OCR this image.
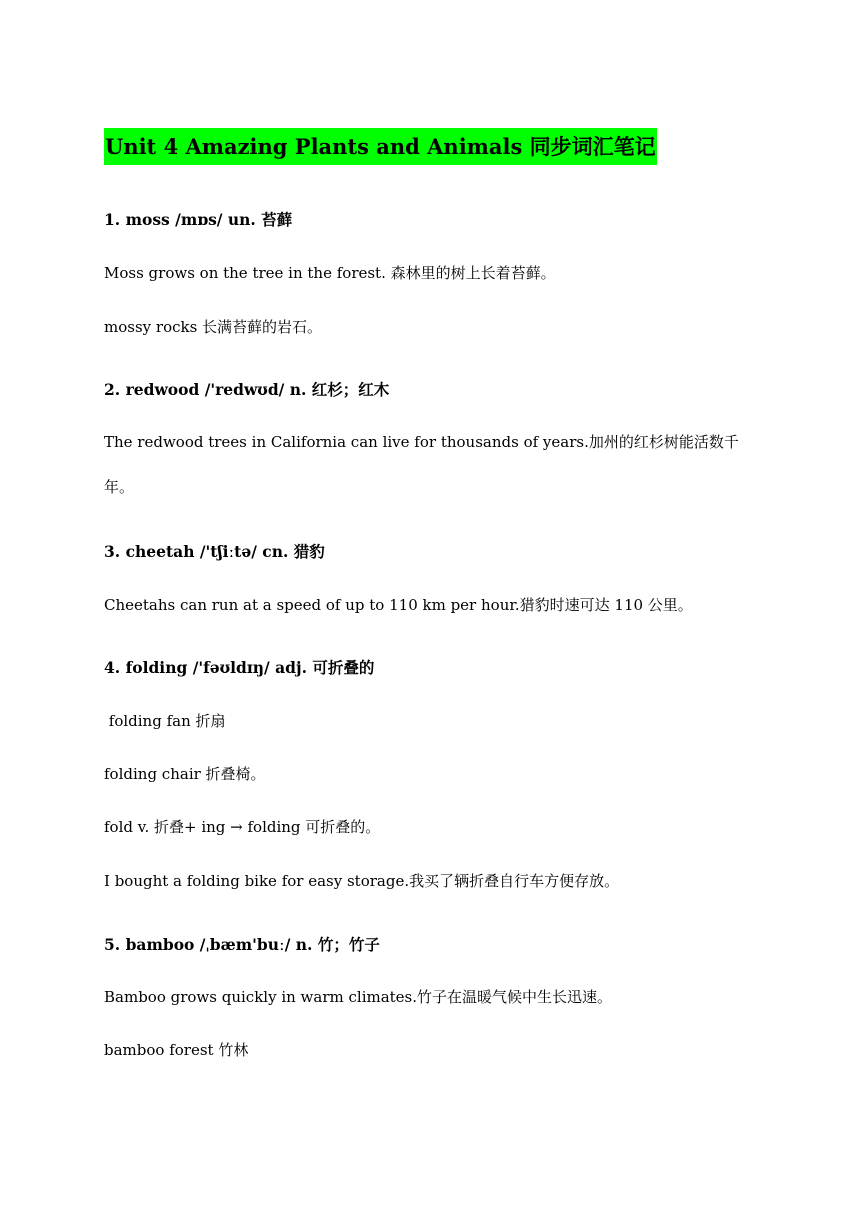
Unit 4 Amazing Plants and Animals 同步词汇笔记
1. moss /mɒs/ un. 苔藓
Moss grows on the tree in the forest. 森林里的树上长着苔藓。
mossy rocks 长满苔藓的岩石。
2. redwood /'redwʊd/ n. 红杉；红木
The redwood trees in California can live for thousands of years.加州的红杉树能活数千年。
3. cheetah /'tʃiːtə/ cn. 猎豹
Cheetahs can run at a speed of up to 110 km per hour.猎豹时速可达 110 公里。
4. folding /'fəʊldɪŋ/ adj. 可折叠的
folding fan 折扇
folding chair 折叠椅。
fold v. 折叠+ ing → folding 可折叠的。
I bought a folding bike for easy storage.我买了辆折叠自行车方便存放。
5. bamboo /ˌbæm'buː/ n. 竹；竹子
Bamboo grows quickly in warm climates.竹子在温暖气候中生长迅速。
bamboo forest 竹林
